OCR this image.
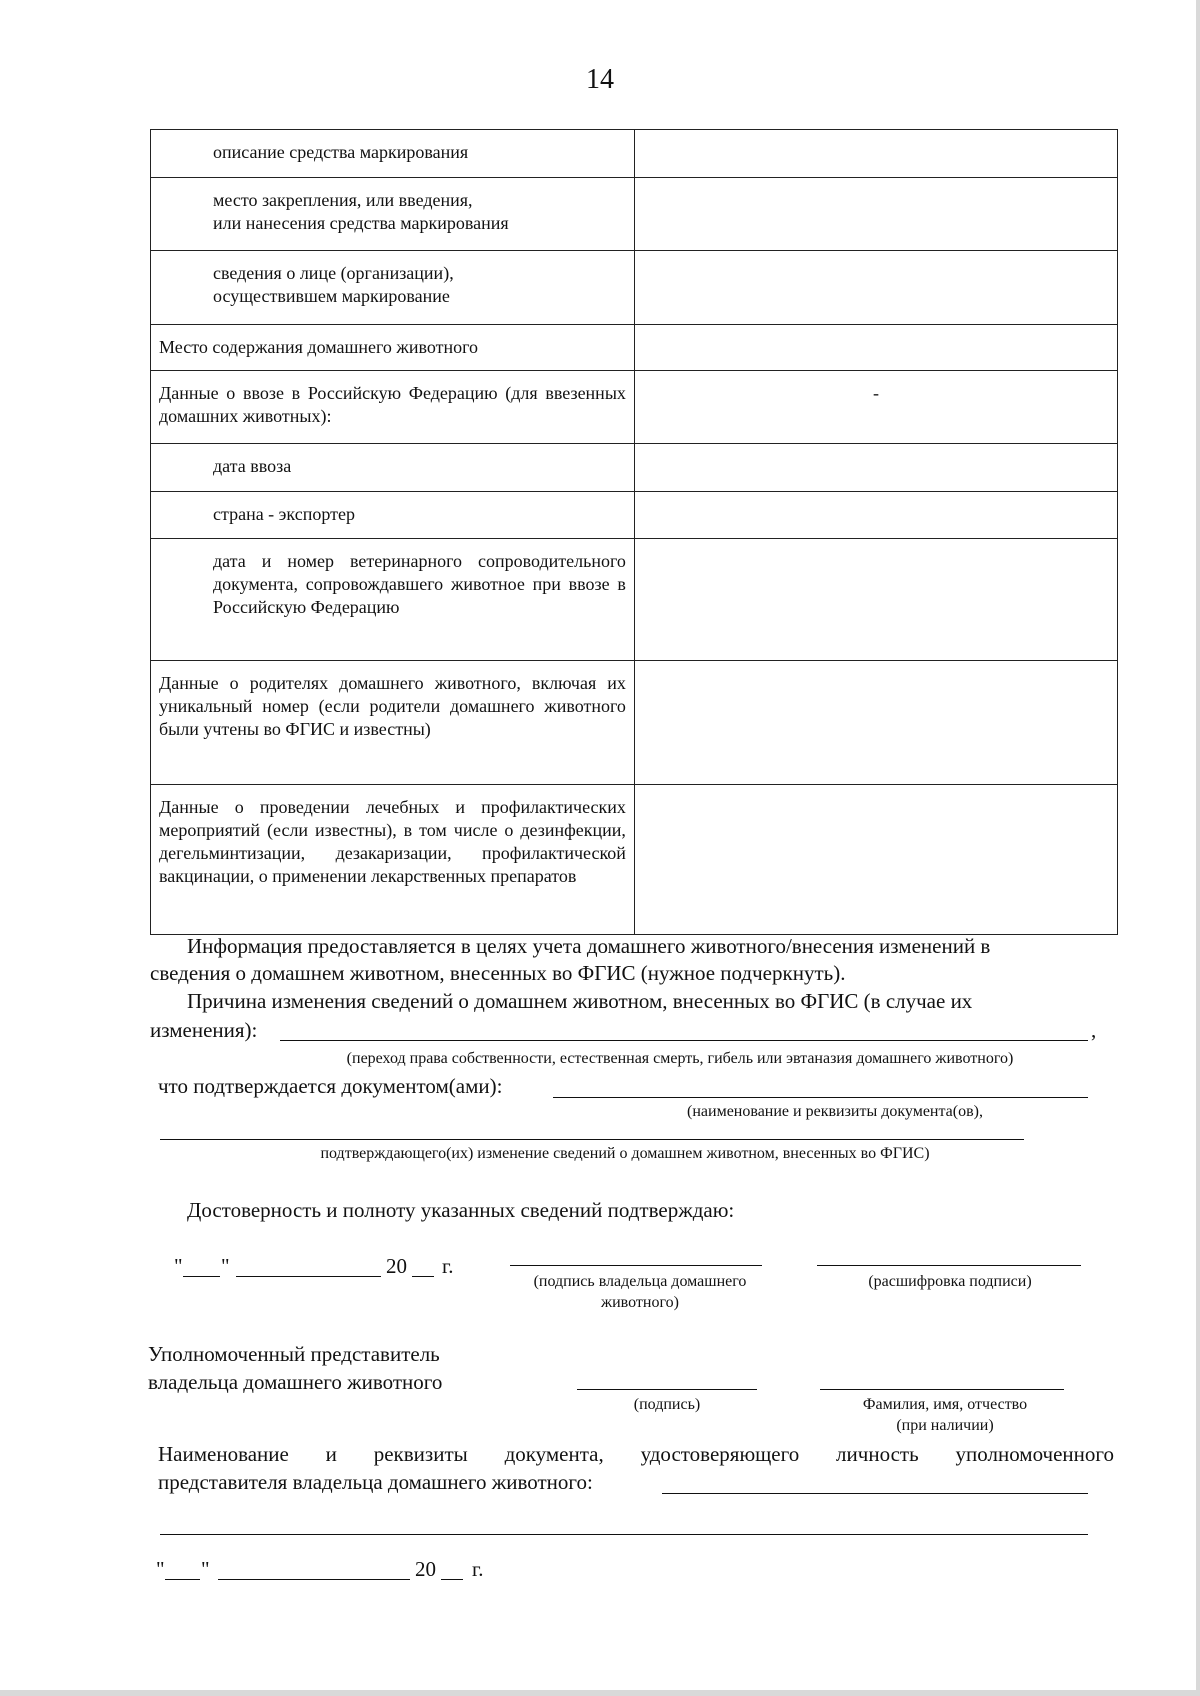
14
описание средства маркирования	

место закрепления, или введения,
или нанесения средства маркирования	

сведения о лице (организации),
осуществившем маркирование	

Место содержания домашнего животного	

Данные о ввозе в Российскую Федерацию (для ввезенных домашних животных):	-

дата ввоза	

страна - экспортер	

дата и номер ветеринарного сопроводительного документа, сопровождавшего животное при ввозе в Российскую Федерацию	

Данные о родителях домашнего животного, включая их уникальный номер (если родители домашнего животного были учтены во ФГИС и известны)	

Данные о проведении лечебных и профилактических мероприятий (если известны), в том числе о дезинфекции, дегельминтизации, дезакаризации, профилактической вакцинации, о применении лекарственных препаратов	

Информация предоставляется в целях учета домашнего животного/внесения изменений в
сведения о домашнем животном, внесенных во ФГИС (нужное подчеркнуть).
Причина изменения сведений о домашнем животном, внесенных во ФГИС (в случае их
изменения):	,
(переход права собственности, естественная смерть, гибель или эвтаназия домашнего животного)
что подтверждается документом(ами):
(наименование и реквизиты документа(ов),
подтверждающего(их) изменение сведений о домашнем животном, внесенных во ФГИС)
Достоверность и полноту указанных сведений подтверждаю:
" "	20 г.
(подпись владельца домашнего
животного)
(расшифровка подписи)
Уполномоченный представитель
владельца домашнего животного
(подпись)	Фамилия, имя, отчество
(при наличии)
Наименование и реквизиты документа, удостоверяющего личность уполномоченного
представителя владельца домашнего животного:
" "	20 г.
